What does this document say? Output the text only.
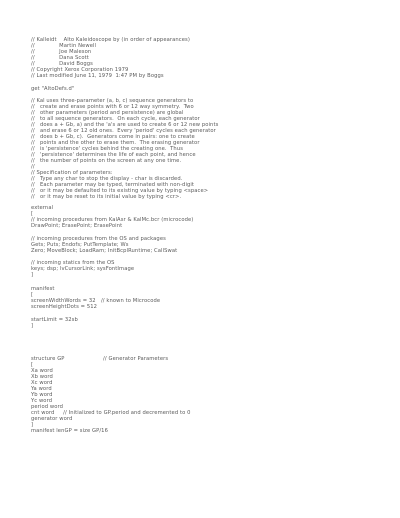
// Kalleidt    Alto Kaleidoscope by (in order of appearances)
//              Martin Newell
//              Joe Maleson
//              Dana Scott
//              David Boggs
// Copyright Xerox Corporation 1979
// Last modified June 11, 1979  1:47 PM by Boggs
get "AltoDefs.d"
// Kal uses three-parameter (a, b, c) sequence generators to
//   create and erase points with 6 or 12 way symmetry.  Two
//   other parameters (period and persistence) are global
//   to all sequence generators.  On each cycle, each generator
//   does a + Gb, a) and the 'a's are used to create 6 or 12 new points
//   and erase 6 or 12 old ones.  Every 'period' cycles each generator
//   does b + Gb, c).  Generators come in pairs: one to create
//   points and the other to erase them.  The erasing generator
//   is 'persistence' cycles behind the creating one.  Thus
//   'persistence' determines the life of each point, and hence
//   the number of points on the screen at any one time.
//
// Specification of parameters:
//   Type any char to stop the display - char is discarded.
//   Each parameter may be typed, terminated with non-digit
//   or it may be defaulted to its existing value by typing <space>
//   or it may be reset to its initial value by typing <cr>.
external
[
// incoming procedures from KalAsr & KalMc.bcr (microcode)
DrawPoint; ErasePoint; ErasePoint
// incoming procedures from the OS and packages
Gets; Puts; Endofs; PutTemplate; Ws
Zero; MoveBlock; LoadRam; InitBcplRuntime; CallSwat
// incoming statics from the OS
keys; dsp; lvCursorLink; sysFontImage
]
manifest
[
screenWidthWords = 32   // known to Microcode
screenHeightDots = 512
startLimit = 32sb
]
structure GP                      // Generator Parameters
[
Xa word
Xb word
Xc word
Ya word
Yb word
Yc word
period word
cnt word     // Initialized to GP.period and decremented to 0
generator word
]
manifest lenGP = size GP/16
